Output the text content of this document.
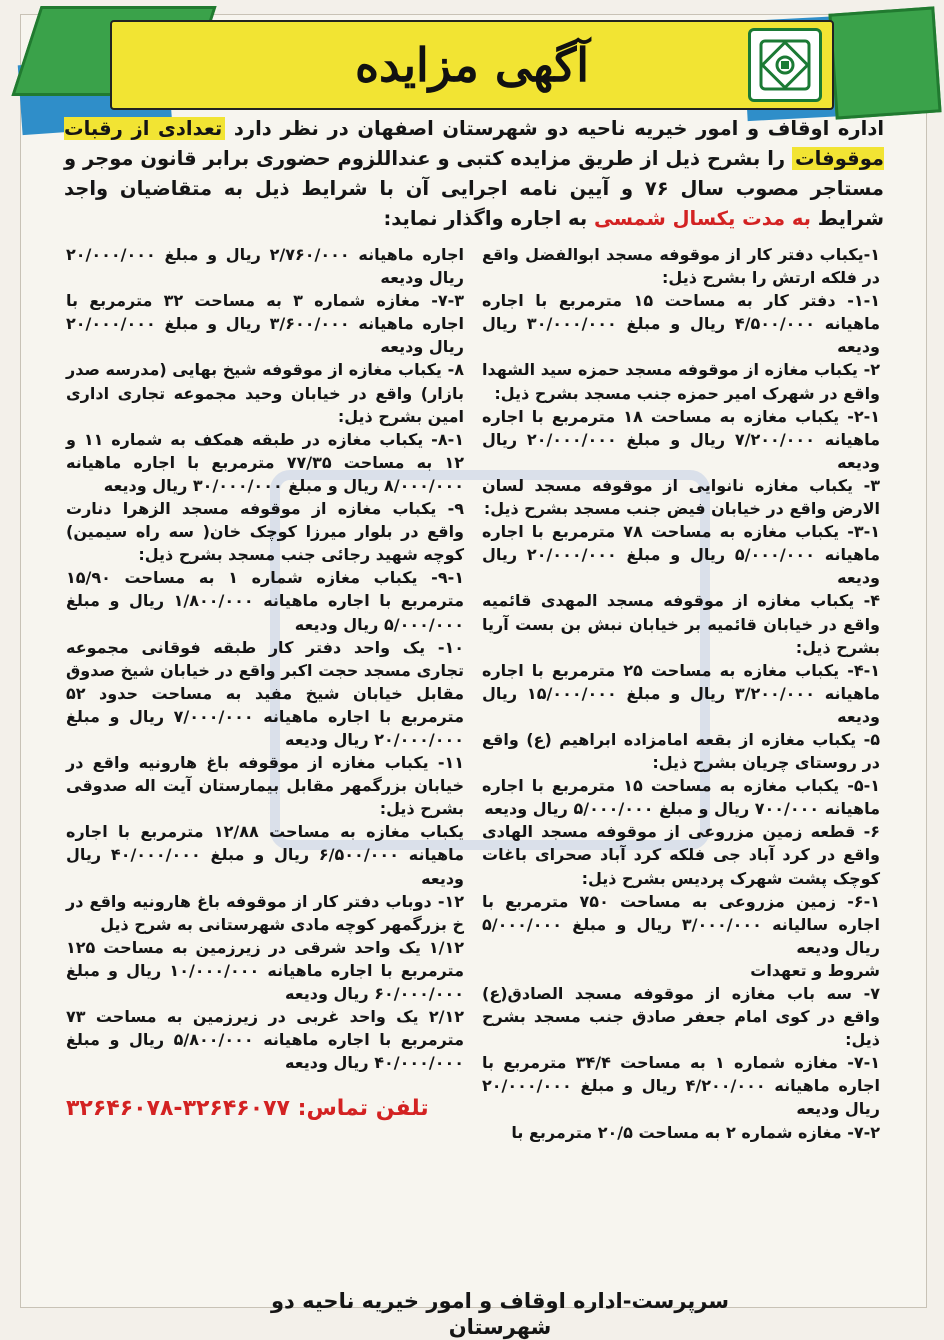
آگهی مزایده
اداره اوقاف و امور خیریه ناحیه دو شهرستان اصفهان در نظر دارد تعدادی از رقبات موقوفات را بشرح ذیل از طریق مزایده کتبی و عنداللزوم حضوری برابر قانون موجر و مستاجر مصوب سال ۷۶ و آیین نامه اجرایی آن با شرایط ذیل به متقاضیان واجد شرایط به مدت یکسال شمسی به اجاره واگذار نماید:

۱-یکباب دفتر کار از موقوفه مسجد ابوالفضل واقع در فلکه ارتش را بشرح ذیل:

۱-۱- دفتر کار به مساحت ۱۵ مترمربع با اجاره ماهیانه ۴/۵۰۰/۰۰۰ ریال و مبلغ ۳۰/۰۰۰/۰۰۰ ریال ودیعه

۲- یکباب مغازه از موقوفه مسجد حمزه سید الشهدا واقع در شهرک امیر حمزه جنب مسجد بشرح ذیل:

۲-۱- یکباب مغازه به مساحت ۱۸ مترمربع با اجاره ماهیانه ۷/۲۰۰/۰۰۰ ریال و مبلغ ۲۰/۰۰۰/۰۰۰ ریال ودیعه

۳- یکباب مغازه نانوایی از موقوفه مسجد لسان الارض واقع در خیابان فیض جنب مسجد بشرح ذیل:

۳-۱- یکباب مغازه به مساحت ۷۸ مترمربع با اجاره ماهیانه ۵/۰۰۰/۰۰۰ ریال و مبلغ ۲۰/۰۰۰/۰۰۰ ریال ودیعه

۴- یکباب مغازه از موقوفه مسجد المهدی قائمیه واقع در خیابان قائمیه بر خیابان نبش بن بست آریا بشرح ذیل:

۴-۱- یکباب مغازه به مساحت ۲۵ مترمربع با اجاره ماهیانه ۳/۲۰۰/۰۰۰ ریال و مبلغ ۱۵/۰۰۰/۰۰۰ ریال ودیعه

۵- یکباب مغازه از بقعه امامزاده ابراهیم (ع) واقع در روستای چریان بشرح ذیل:

۵-۱- یکباب مغازه به مساحت ۱۵ مترمربع با اجاره ماهیانه ۷۰۰/۰۰۰ ریال و مبلغ ۵/۰۰۰/۰۰۰ ریال ودیعه

۶- قطعه زمین مزروعی از موقوفه مسجد الهادی واقع در کرد آباد جی فلکه کرد آباد صحرای باغات کوچک پشت شهرک پردیس بشرح ذیل:

۶-۱- زمین مزروعی به مساحت ۷۵۰ مترمربع با اجاره سالیانه ۳/۰۰۰/۰۰۰ ریال و مبلغ ۵/۰۰۰/۰۰۰ ریال ودیعه

شروط و تعهدات

۷- سه باب مغازه از موقوفه مسجد الصادق(ع) واقع در کوی امام جعفر صادق جنب مسجد بشرح ذیل:

۷-۱- مغازه شماره ۱ به مساحت ۳۴/۴ مترمربع با اجاره ماهیانه ۴/۲۰۰/۰۰۰ ریال و مبلغ ۲۰/۰۰۰/۰۰۰ ریال ودیعه

۷-۲- مغازه شماره ۲ به مساحت ۲۰/۵ مترمربع با

اجاره ماهیانه ۲/۷۶۰/۰۰۰ ریال و مبلغ ۲۰/۰۰۰/۰۰۰ ریال ودیعه

۷-۳- مغازه شماره ۳ به مساحت ۳۲ مترمربع با اجاره ماهیانه ۳/۶۰۰/۰۰۰ ریال و مبلغ ۲۰/۰۰۰/۰۰۰ ریال ودیعه

۸- یکباب مغازه از موقوفه شیخ بهایی (مدرسه صدر بازار) واقع در خیابان وحید مجموعه تجاری اداری امین بشرح ذیل:

۸-۱- یکباب مغازه در طبقه همکف به شماره ۱۱ و ۱۲ به مساحت ۷۷/۳۵ مترمربع با اجاره ماهیانه ۸/۰۰۰/۰۰۰ ریال و مبلغ ۳۰/۰۰۰/۰۰۰ ریال ودیعه

۹- یکباب مغازه از موقوفه مسجد الزهرا دنارت واقع در بلوار میرزا کوچک خان( سه راه سیمین) کوچه شهید رجائی جنب مسجد بشرح ذیل:

۹-۱- یکباب مغازه شماره ۱ به مساحت ۱۵/۹۰ مترمربع با اجاره ماهیانه ۱/۸۰۰/۰۰۰ ریال و مبلغ ۵/۰۰۰/۰۰۰ ریال ودیعه

۱۰- یک واحد دفتر کار طبقه فوقانی مجموعه تجاری مسجد حجت اکبر واقع در خیابان شیخ صدوق مقابل خیابان شیخ مفید به مساحت حدود ۵۲ مترمربع با اجاره ماهیانه ۷/۰۰۰/۰۰۰ ریال و مبلغ ۲۰/۰۰۰/۰۰۰ ریال ودیعه

۱۱- یکباب مغازه از موقوفه باغ هارونیه واقع در خیابان بزرگمهر مقابل بیمارستان آیت اله صدوقی بشرح ذیل:

یکباب مغازه به مساحت ۱۲/۸۸ مترمربع با اجاره ماهیانه ۶/۵۰۰/۰۰۰ ریال و مبلغ ۴۰/۰۰۰/۰۰۰ ریال ودیعه

۱۲- دوباب دفتر کار از موقوفه باغ هارونیه واقع در خ بزرگمهر کوچه مادی شهرستانی به شرح ذیل

۱/۱۲ یک واحد شرقی در زیرزمین به مساحت ۱۲۵ مترمربع با اجاره ماهیانه ۱۰/۰۰۰/۰۰۰ ریال و مبلغ ۶۰/۰۰۰/۰۰۰ ریال ودیعه

۲/۱۲ یک واحد غربی در زیرزمین به مساحت ۷۳ مترمربع با اجاره ماهیانه ۵/۸۰۰/۰۰۰ ریال و مبلغ ۴۰/۰۰۰/۰۰۰ ریال ودیعه

تلفن تماس: ۳۲۶۴۶۰۷۷-۳۲۶۴۶۰۷۸

سرپرست-اداره اوقاف و امور خیریه ناحیه دو شهرستان
